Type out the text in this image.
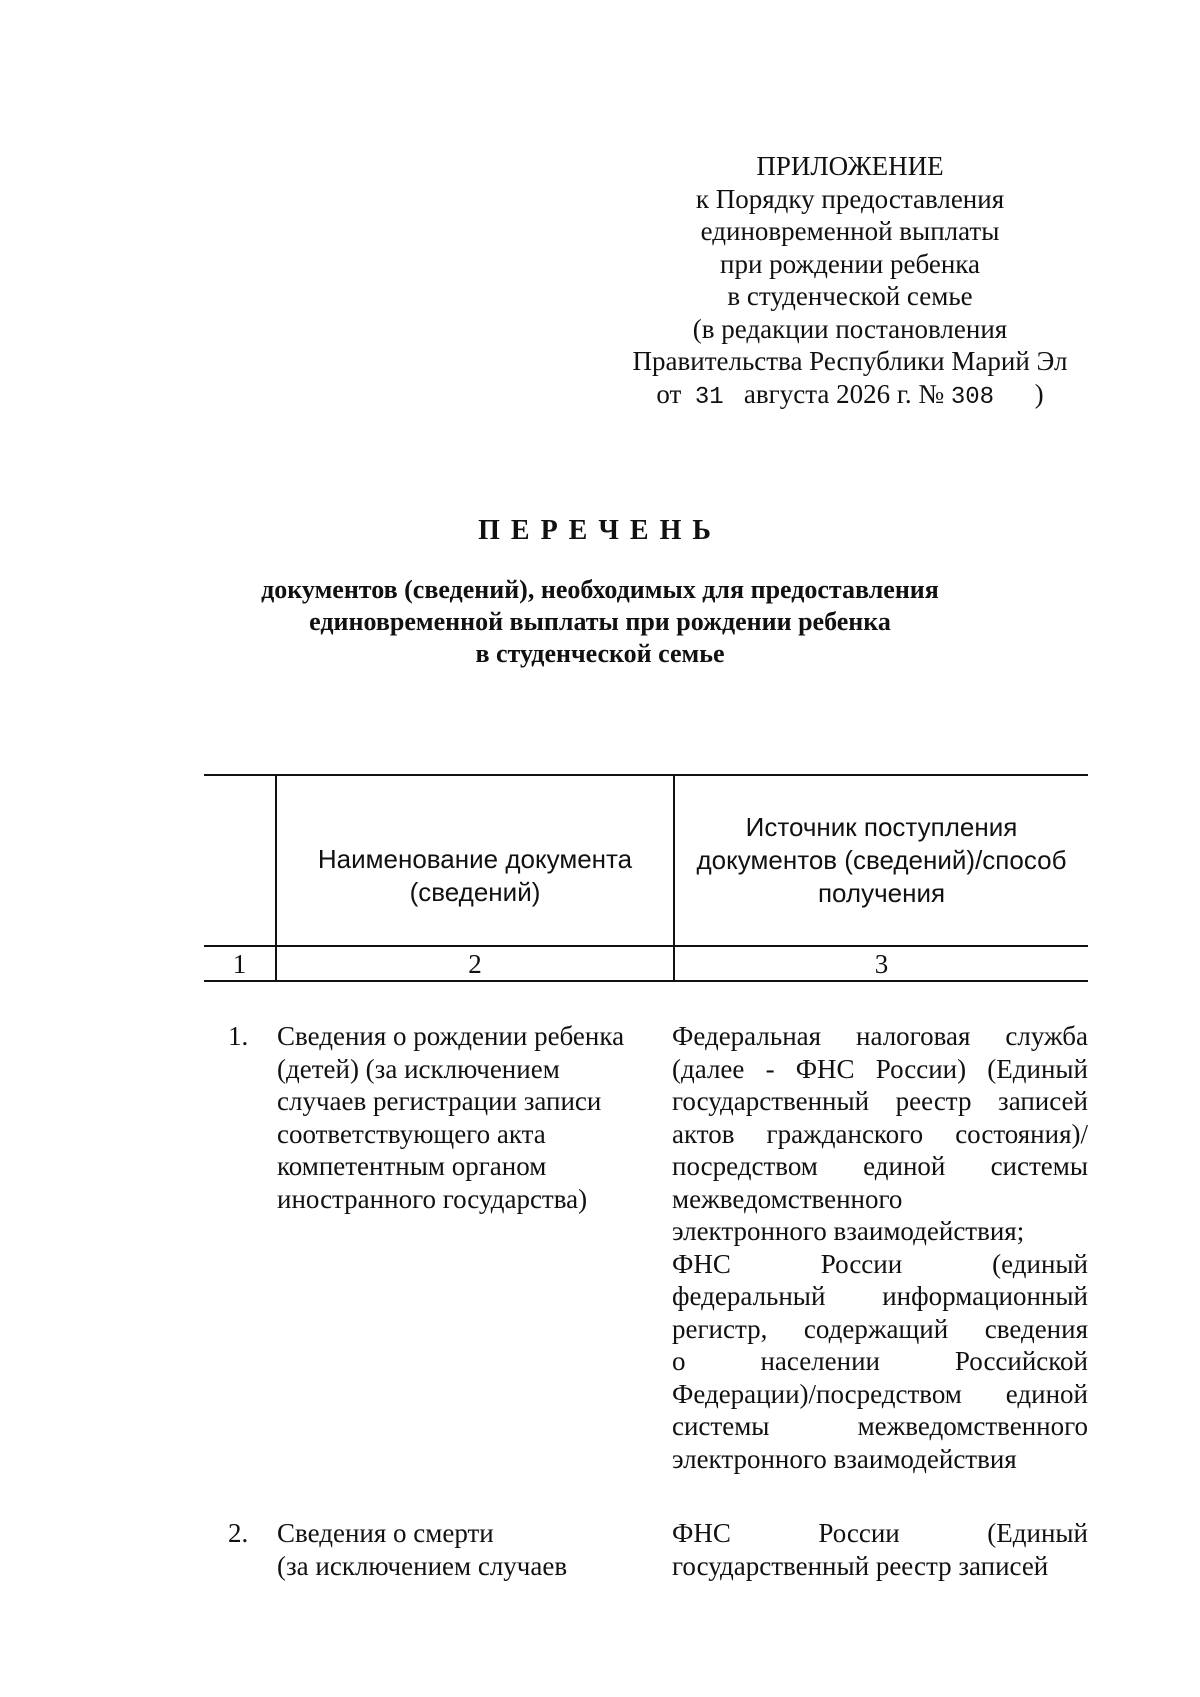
ПРИЛОЖЕНИЕ
к Порядку предоставления
единовременной выплаты
при рождении ребенка
в студенческой семье
(в редакции постановления
Правительства Республики Марий Эл
от 31 августа 2026 г. № 308 )
ПЕРЕЧЕНЬ
документов (сведений), необходимых для предоставления
единовременной выплаты при рождении ребенка
в студенческой семье
Наименование документа
(сведений)
Источник поступления
документов (сведений)/способ
получения
1	2	3
1. Сведения о рождении ребенка
(детей) (за исключением
случаев регистрации записи
соответствующего акта
компетентным органом
иностранного государства)
Федеральная налоговая служба
(далее - ФНС России) (Единый
государственный реестр записей
актов гражданского состояния)/
посредством единой системы
межведомственного
электронного взаимодействия;
ФНС России (единый
федеральный информационный
регистр, содержащий сведения
о населении Российской
Федерации)/посредством единой
системы межведомственного
электронного взаимодействия
2. Сведения о смерти
(за исключением случаев
ФНС России (Единый
государственный реестр записей
